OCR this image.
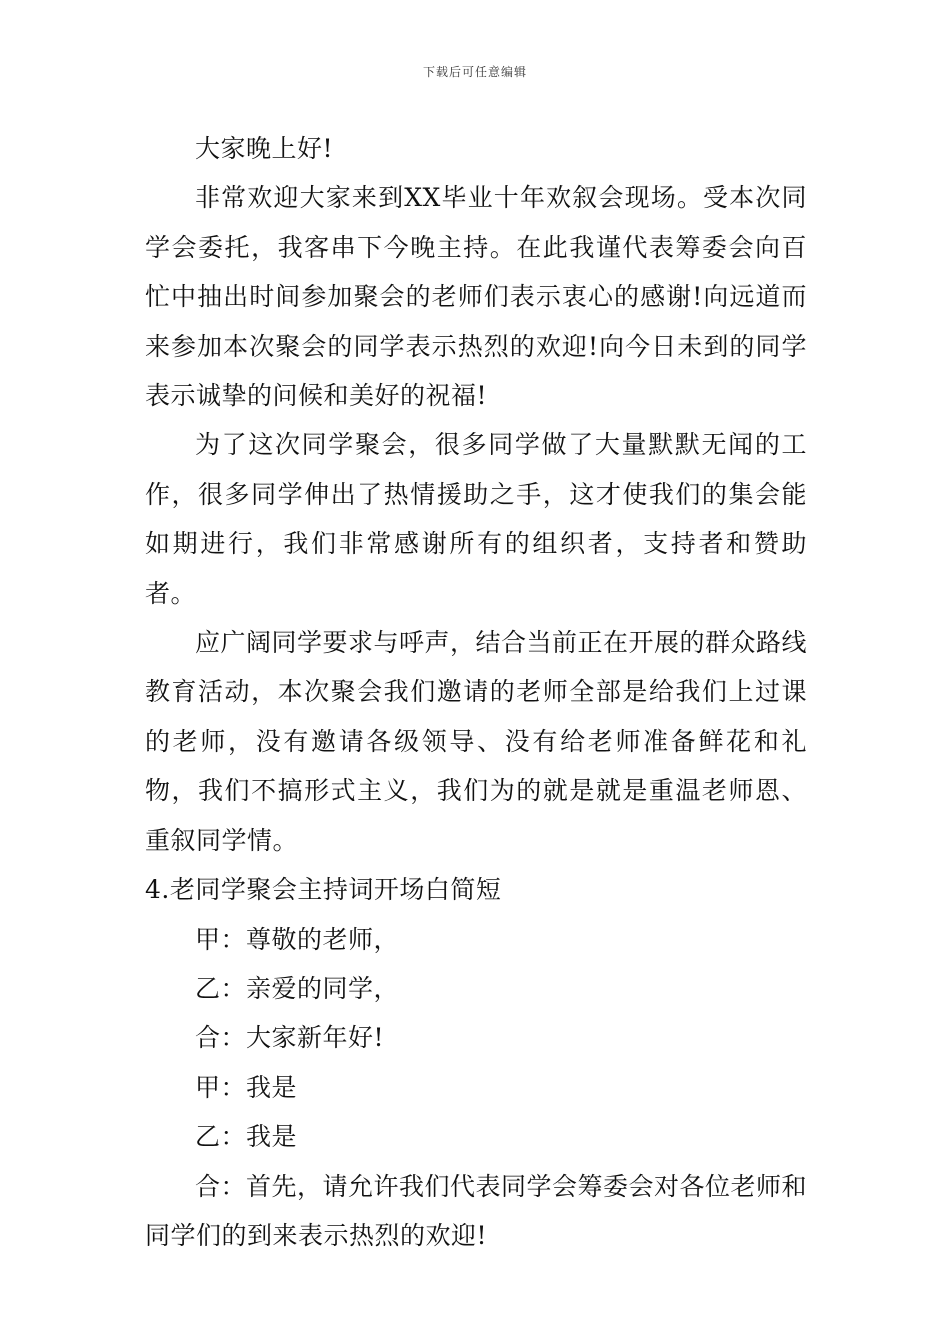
下载后可任意编辑

大家晚上好!

非常欢迎大家来到XX毕业十年欢叙会现场。受本次同学会委托，我客串下今晚主持。在此我谨代表筹委会向百忙中抽出时间参加聚会的老师们表示衷心的感谢!向远道而来参加本次聚会的同学表示热烈的欢迎!向今日未到的同学表示诚挚的问候和美好的祝福!

为了这次同学聚会，很多同学做了大量默默无闻的工作，很多同学伸出了热情援助之手，这才使我们的集会能如期进行，我们非常感谢所有的组织者，支持者和赞助者。

应广阔同学要求与呼声，结合当前正在开展的群众路线教育活动，本次聚会我们邀请的老师全部是给我们上过课的老师，没有邀请各级领导、没有给老师准备鲜花和礼物，我们不搞形式主义，我们为的就是就是重温老师恩、重叙同学情。

4.老同学聚会主持词开场白简短

甲：尊敬的老师，

乙：亲爱的同学，

合：大家新年好!

甲：我是

乙：我是

合：首先，请允许我们代表同学会筹委会对各位老师和同学们的到来表示热烈的欢迎!
